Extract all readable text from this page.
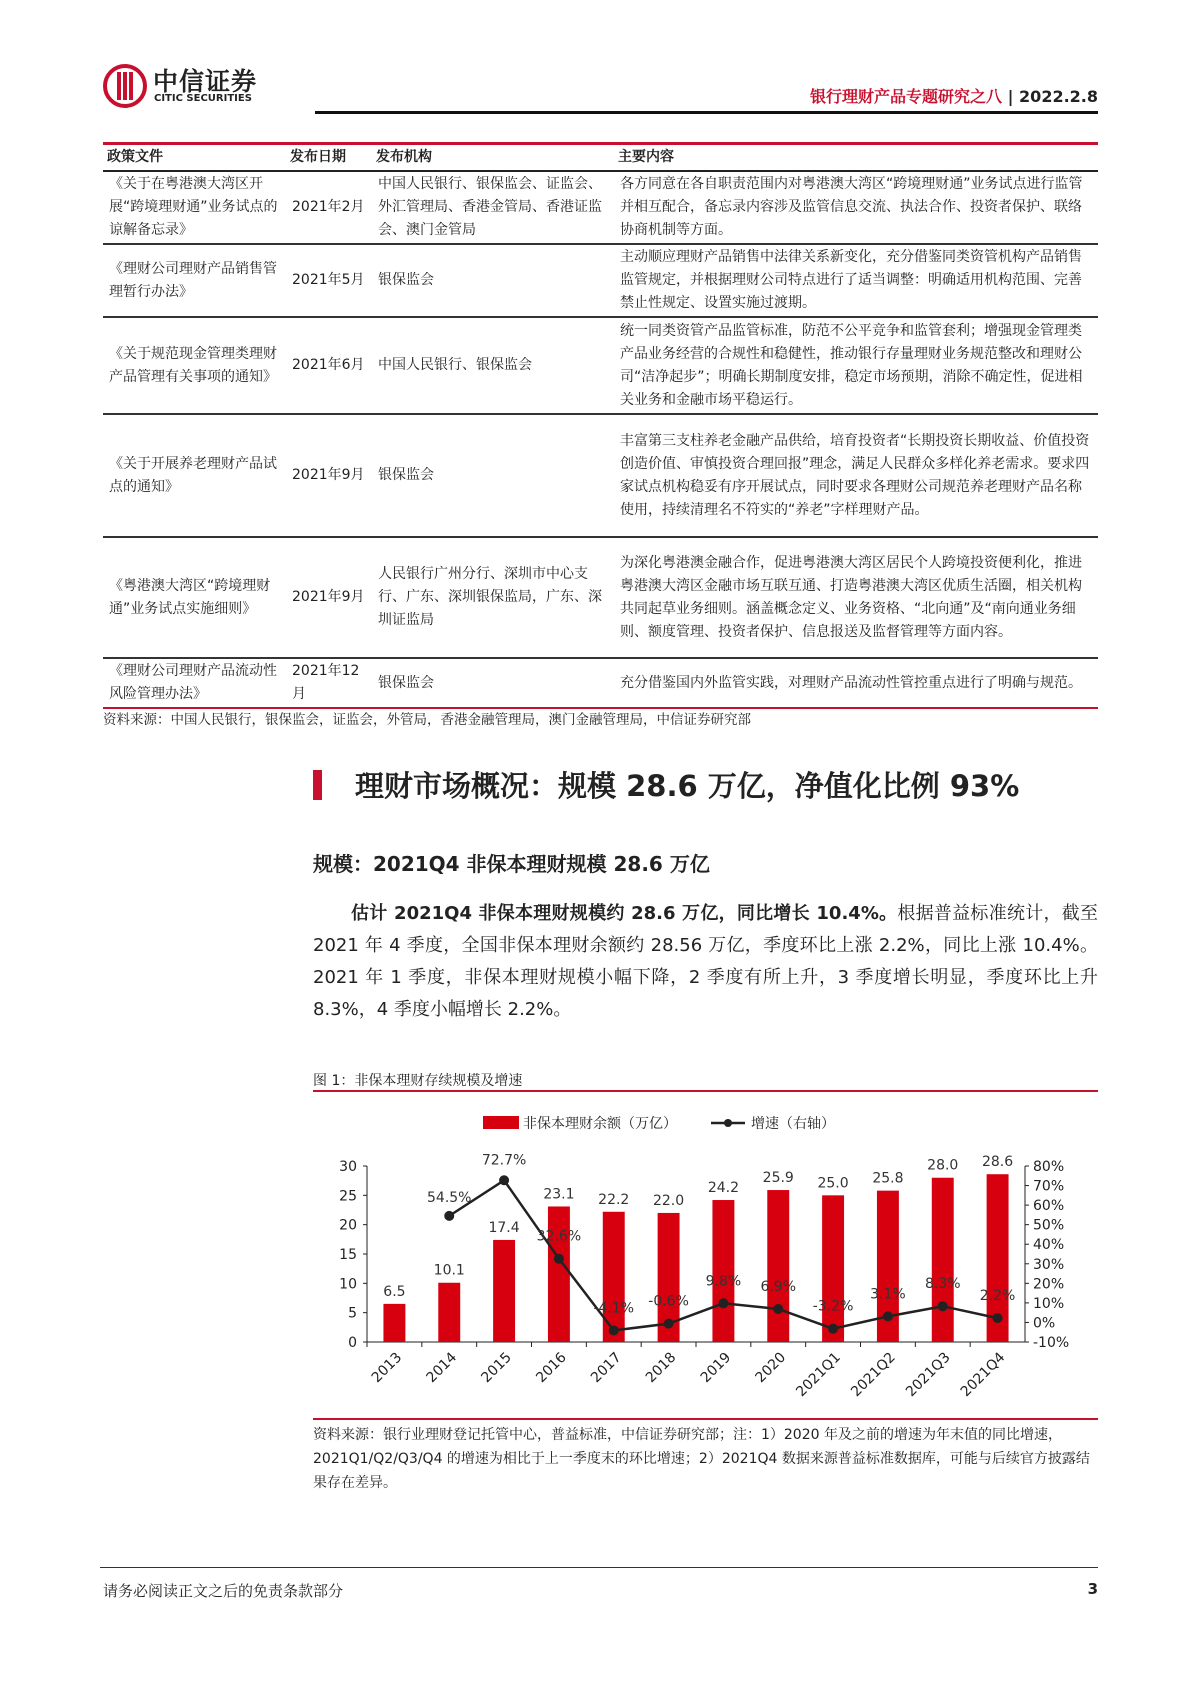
中信证券
CITIC SECURITIES	银行理财产品专题研究之八 | 2022.2.8
政策文件	发布日期	发布机构	主要内容
《关于在粤港澳大湾区开展“跨境理财通”业务试点的谅解备忘录》	2021年2月	中国人民银行、银保监会、证监会、外汇管理局、香港金管局、香港证监会、澳门金管局	各方同意在各自职责范围内对粤港澳大湾区“跨境理财通”业务试点进行监管并相互配合，备忘录内容涉及监管信息交流、执法合作、投资者保护、联络协商机制等方面。
《理财公司理财产品销售管理暂行办法》	2021年5月	银保监会	主动顺应理财产品销售中法律关系新变化，充分借鉴同类资管机构产品销售监管规定，并根据理财公司特点进行了适当调整：明确适用机构范围、完善禁止性规定、设置实施过渡期。
《关于规范现金管理类理财产品管理有关事项的通知》	2021年6月	中国人民银行、银保监会	统一同类资管产品监管标准，防范不公平竞争和监管套利；增强现金管理类产品业务经营的合规性和稳健性，推动银行存量理财业务规范整改和理财公司“洁净起步”；明确长期制度安排，稳定市场预期，消除不确定性，促进相关业务和金融市场平稳运行。
《关于开展养老理财产品试点的通知》	2021年9月	银保监会	丰富第三支柱养老金融产品供给，培育投资者“长期投资长期收益、价值投资创造价值、审慎投资合理回报”理念，满足人民群众多样化养老需求。要求四家试点机构稳妥有序开展试点，同时要求各理财公司规范养老理财产品名称使用，持续清理名不符实的“养老”字样理财产品。
《粤港澳大湾区“跨境理财通”业务试点实施细则》	2021年9月	人民银行广州分行、深圳市中心支行、广东、深圳银保监局，广东、深圳证监局	为深化粤港澳金融合作，促进粤港澳大湾区居民个人跨境投资便利化，推进粤港澳大湾区金融市场互联互通、打造粤港澳大湾区优质生活圈，相关机构共同起草业务细则。涵盖概念定义、业务资格、“北向通”及“南向通业务细则、额度管理、投资者保护、信息报送及监督管理等方面内容。
《理财公司理财产品流动性风险管理办法》	2021年12月	银保监会	充分借鉴国内外监管实践，对理财产品流动性管控重点进行了明确与规范。
资料来源：中国人民银行，银保监会，证监会，外管局，香港金融管理局，澳门金融管理局，中信证券研究部
理财市场概况：规模 28.6 万亿，净值化比例 93%
规模：2021Q4 非保本理财规模 28.6 万亿
估计 2021Q4 非保本理财规模约 28.6 万亿，同比增长 10.4%。根据普益标准统计，截至 2021 年 4 季度，全国非保本理财余额约 28.56 万亿，季度环比上涨 2.2%，同比上涨 10.4%。2021 年 1 季度，非保本理财规模小幅下降，2 季度有所上升，3 季度增长明显，季度环比上升 8.3%，4 季度小幅增长 2.2%。
图 1：非保本理财存续规模及增速
非保本理财余额（万亿）	增速（右轴）
0
5
10
15
20
25
30
-10%
0%
10%
20%
30%
40%
50%
60%
70%
80%
6.5
2013
10.1
2014
17.4
2015
23.1
2016
22.2
2017
22.0
2018
24.2
2019
25.9
2020
25.0
2021Q1
25.8
2021Q2
28.0
2021Q3
28.6
2021Q4
54.5%
72.7%
32.6%
-4.1% -0.6%
9.8% 6.9%
-3.2%
3.1%
8.3%
2.2%
资料来源：银行业理财登记托管中心，普益标准，中信证券研究部；注：1）2020 年及之前的增速为年末值的同比增速，2021Q1/Q2/Q3/Q4 的增速为相比于上一季度末的环比增速；2）2021Q4 数据来源普益标准数据库，可能与后续官方披露结果存在差异。
请务必阅读正文之后的免责条款部分	3
